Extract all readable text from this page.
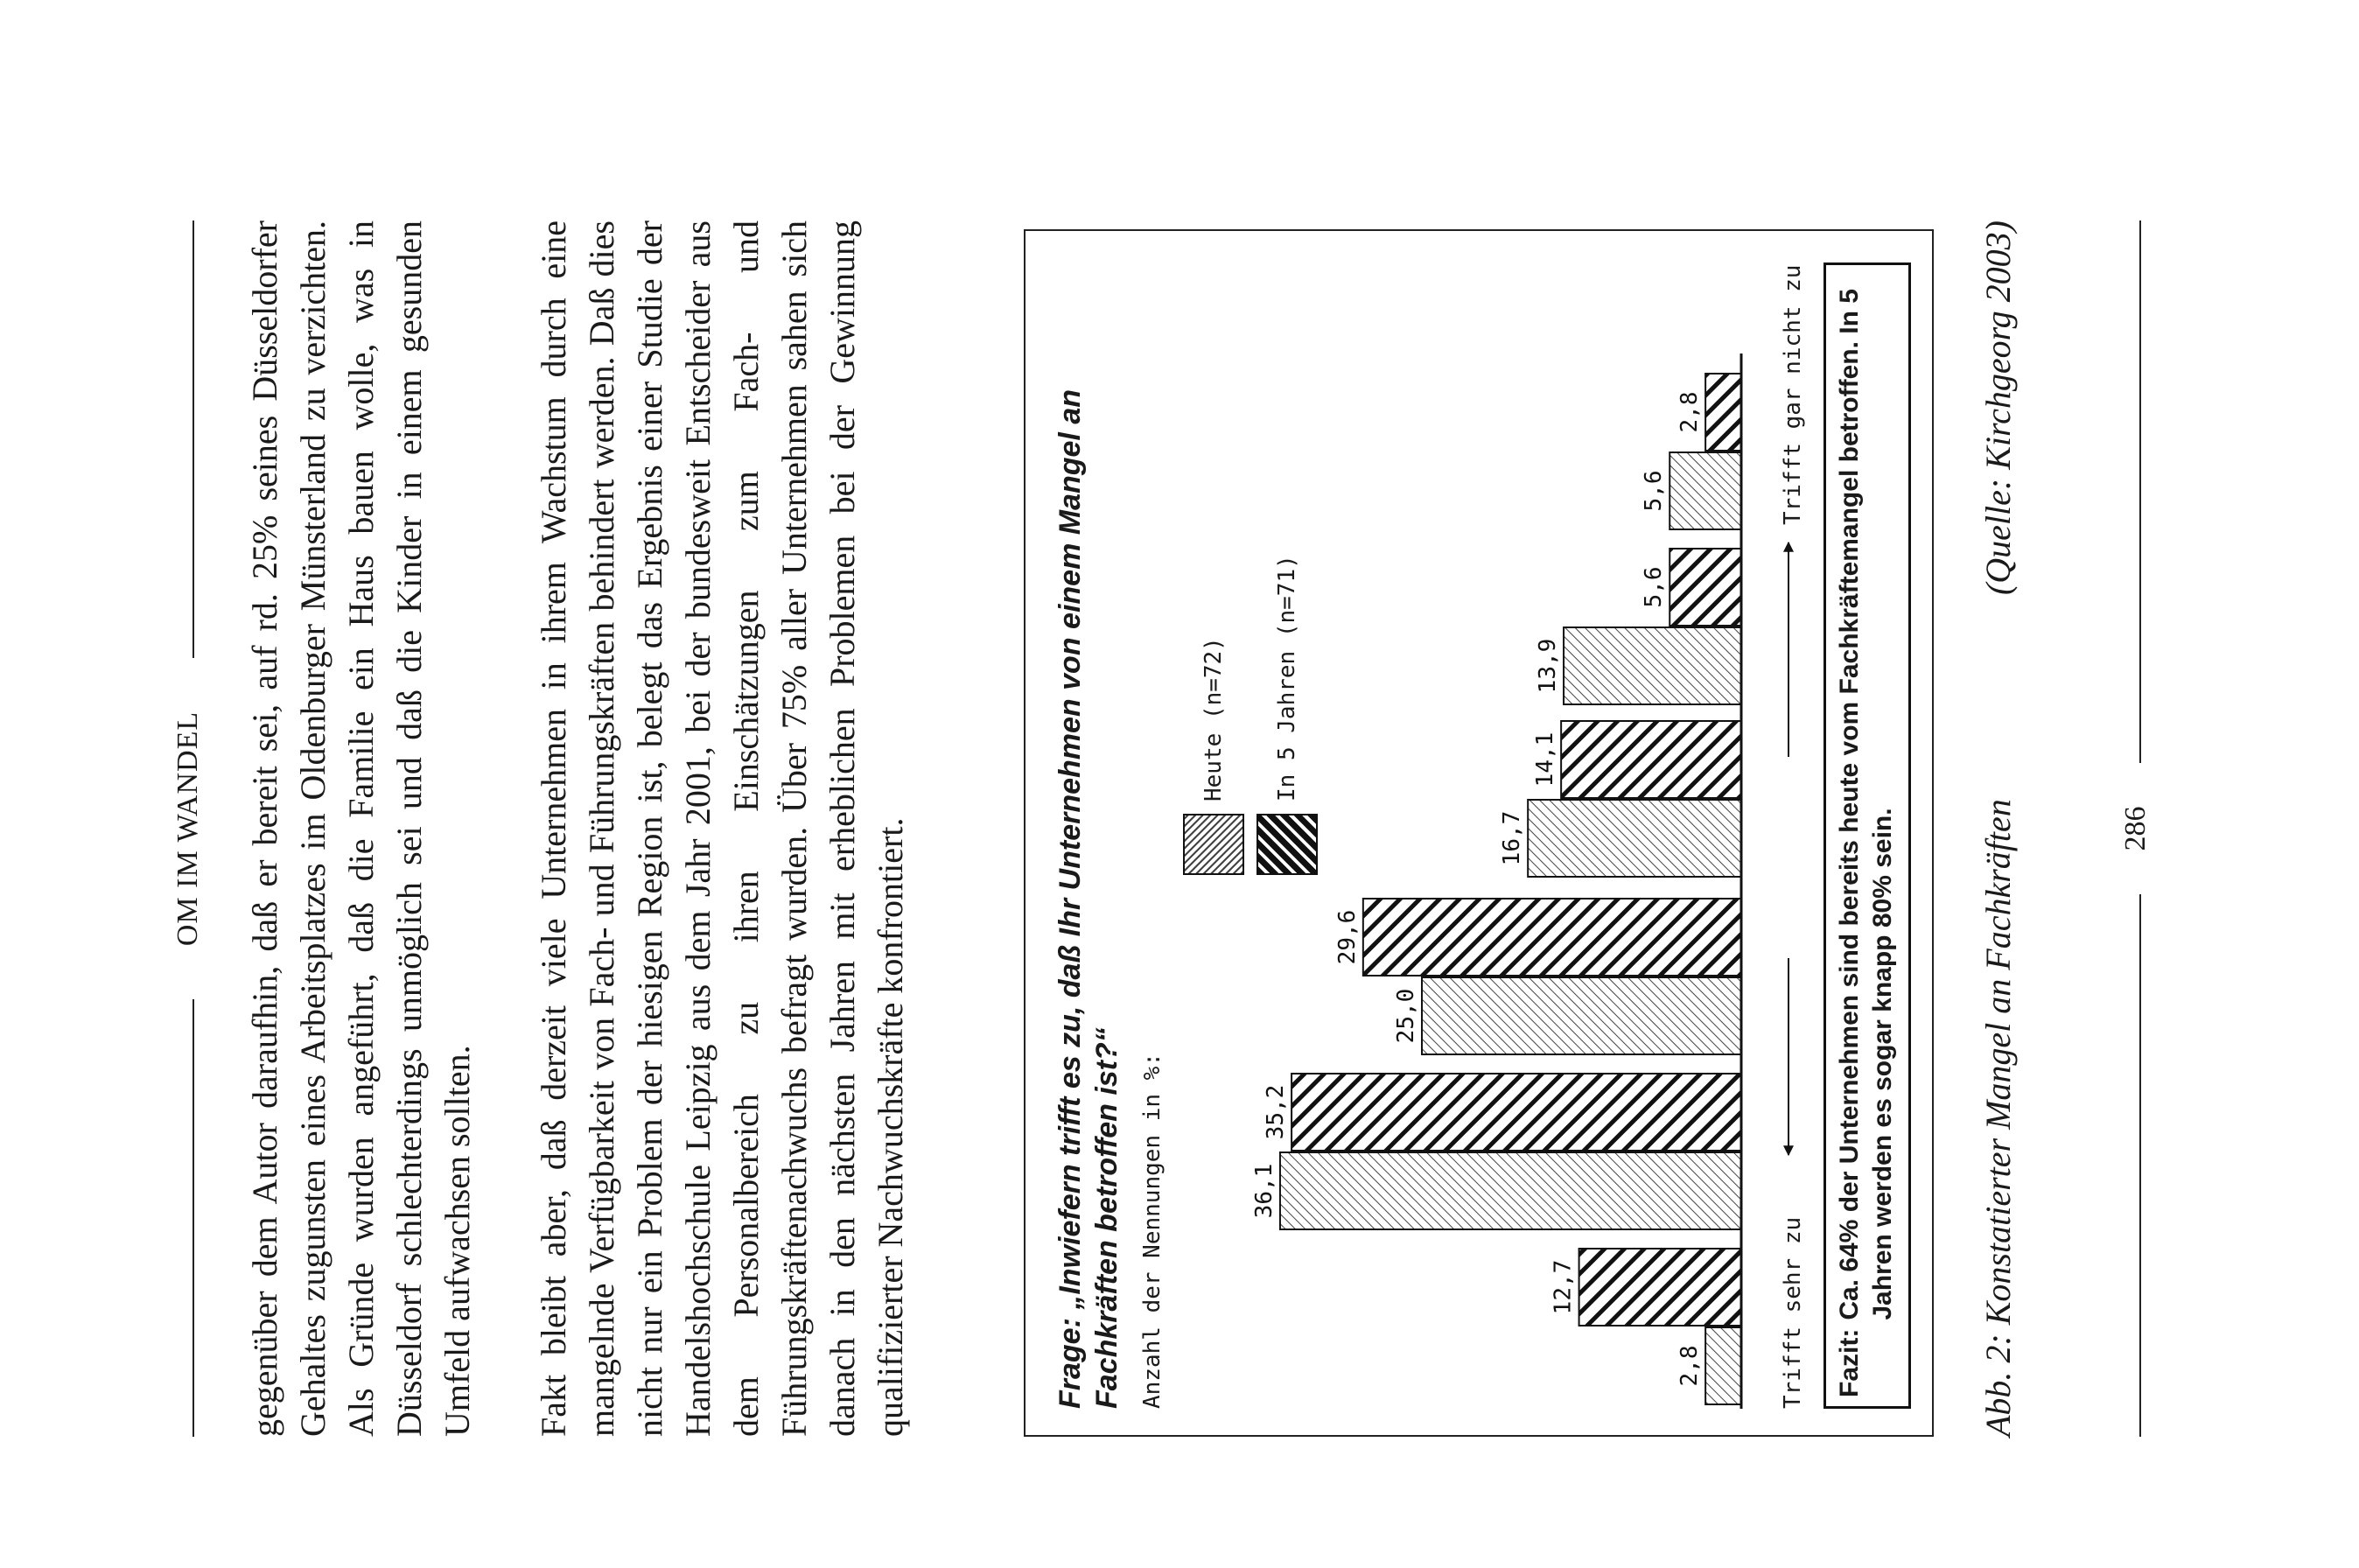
OM IM WANDEL gegenüber dem Autor daraufhin, daß er bereit sei, auf rd. 25% seines Düsseldorfer Gehaltes zugunsten eines Arbeitsplatzes im Oldenburger Münsterland zu verzichten. Als Gründe wurden angeführt, daß die Familie ein Haus bauen wolle, was in Düsseldorf schlechterdings unmöglich sei und daß die Kinder in einem gesunden Umfeld aufwachsen sollten. Fakt bleibt aber, daß derzeit viele Unternehmen in ihrem Wachstum durch eine mangelnde Verfügbarkeit von Fach- und Führungskräften behindert werden. Daß dies nicht nur ein Problem der hiesigen Region ist, belegt das Ergebnis einer Studie der Handelshochschule Leipzig aus dem Jahr 2001, bei der bundesweit Entscheider aus dem Personalbereich zu ihren Einschätzungen zum Fach- und Führungskräftenachwuchs befragt wurden. Über 75% aller Unternehmen sahen sich danach in den nächsten Jahren mit erheblichen Problemen bei der Gewinnung qualifizierter Nachwuchskräfte konfrontiert.	Frage: „Inwiefern trifft es zu, daß Ihr Unternehmen von einem Mangel an Fachkräften betroffen ist?“ Anzahl der Nennungen in %:	2,8
12,7
36,1
35,2
25,0
29,6
16,7
14,1
13,9
5,6
5,6
2,8
Heute (n=72) In 5 Jahren (n=71)
Trifft sehr zu
Trifft gar nicht zu
Fazit:
Ca. 64% der Unternehmen sind bereits heute vom Fachkräftemangel betroffen. In 5 Jahren werden es sogar knapp 80% sein. Abb. 2: Konstatierter Mangel an Fachkräften
(Quelle: Kirchgeorg 2003)
286
